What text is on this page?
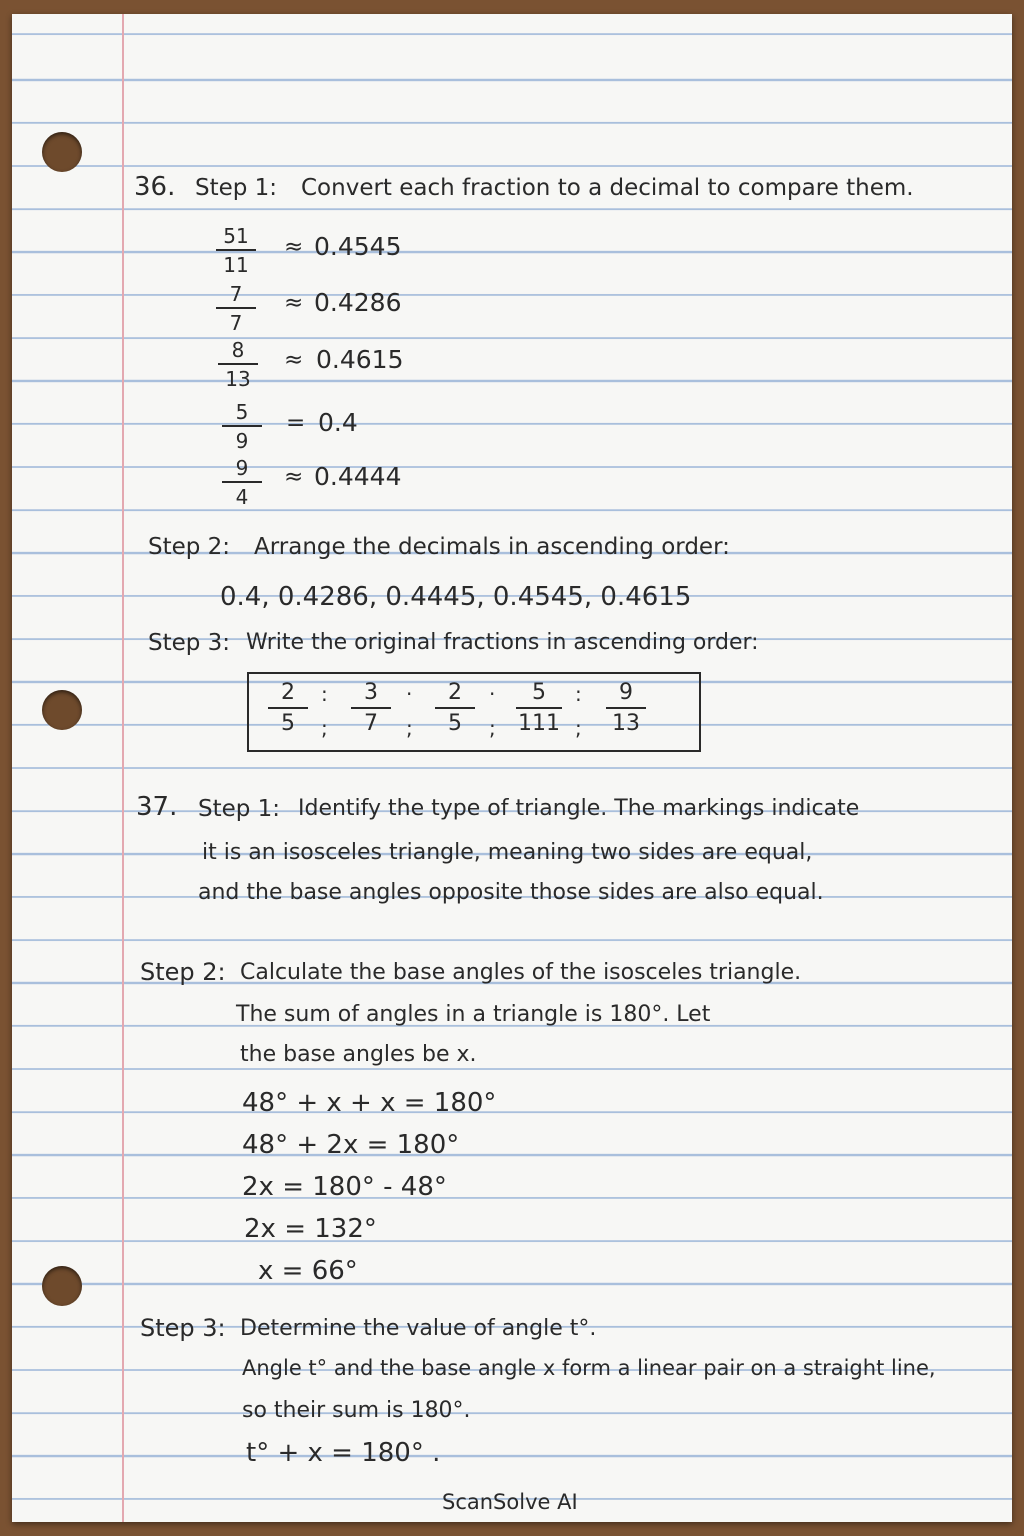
36. Step 1: Convert each fraction to a decimal to compare them.
$\frac{51}{11} \approx 0.4545$
$\frac{7}{7} \approx 0.4286$
$\frac{8}{13} \approx 0.4615$
$\frac{5}{9} = 0.4$
$\frac{9}{4} \approx 0.4444$
Step 2: Arrange the decimals in ascending order:
0.4, 0.4286, 0.4445, 0.4545, 0.4615
Step 3: Write the original fractions in ascending order:
$\frac{2}{5}$ :
; $\frac{3}{7}$ ·
; $\frac{2}{5}$ ·
; $\frac{5}{111}$ :
; $\frac{9}{13}$
37. Step 1: Identify the type of triangle. The markings indicate
it is an isosceles triangle, meaning two sides are equal,
and the base angles opposite those sides are also equal.
Step 2: Calculate the base angles of the isosceles triangle.
The sum of angles in a triangle is 180°. Let
the base angles be x.
48° + x + x = 180°
48° + 2x = 180°
2x = 180° - 48°
2x = 132°
x = 66°
Step 3: Determine the value of angle t°.
Angle t° and the base angle x form a linear pair on a straight line,
so their sum is 180°.
t° + x = 180° .
ScanSolve AI
